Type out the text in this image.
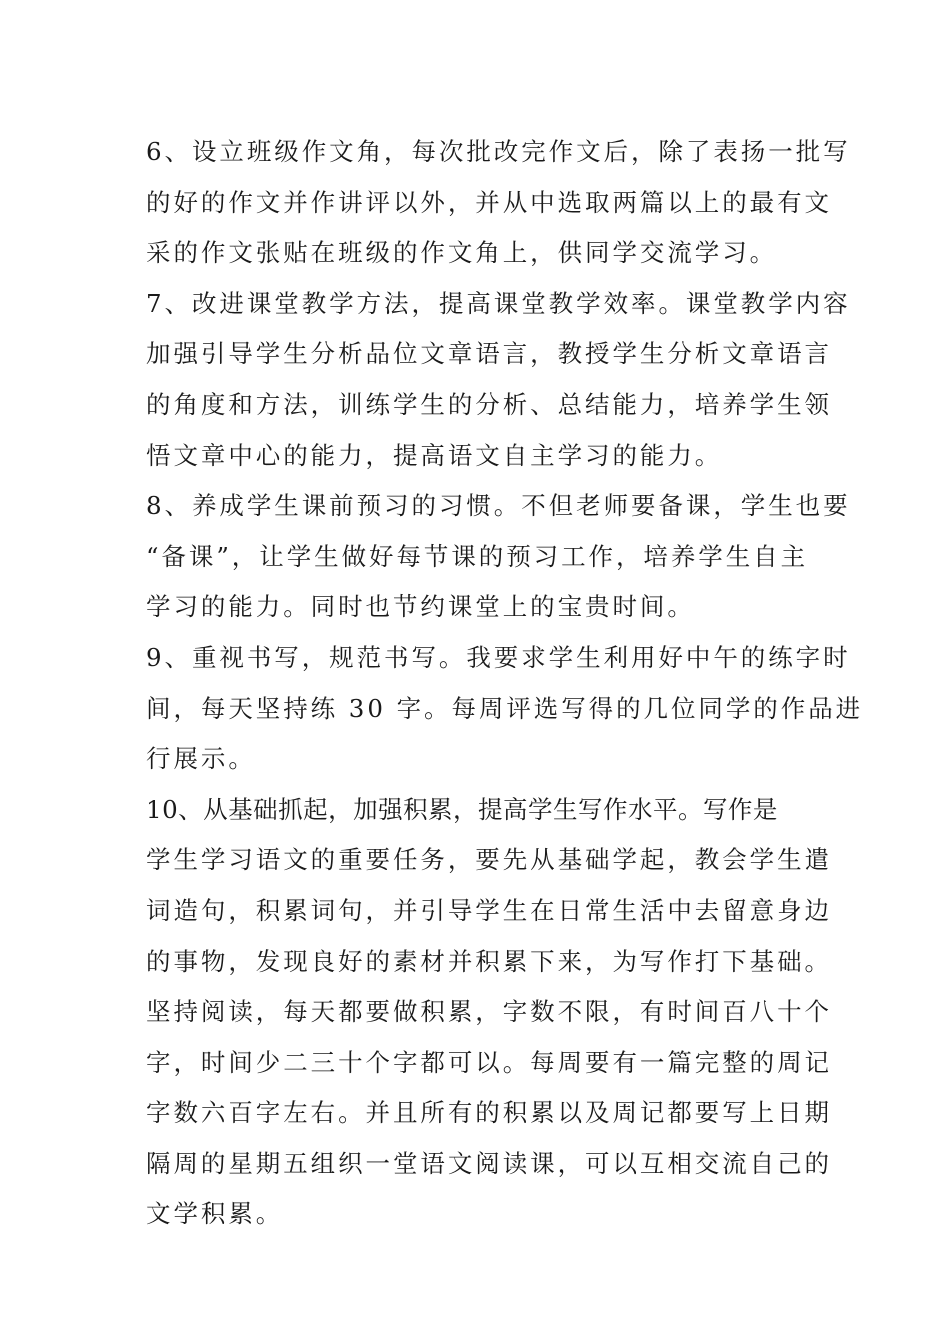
6、设立班级作文角，每次批改完作文后，除了表扬一批写
的好的作文并作讲评以外，并从中选取两篇以上的最有文
采的作文张贴在班级的作文角上，供同学交流学习。
7、改进课堂教学方法，提高课堂教学效率。课堂教学内容
加强引导学生分析品位文章语言，教授学生分析文章语言
的角度和方法，训练学生的分析、总结能力，培养学生领
悟文章中心的能力，提高语文自主学习的能力。
8、养成学生课前预习的习惯。不但老师要备课，学生也要
“备课”，让学生做好每节课的预习工作，培养学生自主
学习的能力。同时也节约课堂上的宝贵时间。
9、重视书写，规范书写。我要求学生利用好中午的练字时
间，每天坚持练 30 字。每周评选写得的几位同学的作品进
行展示。
10、从基础抓起，加强积累，提高学生写作水平。写作是
学生学习语文的重要任务，要先从基础学起，教会学生遣
词造句，积累词句，并引导学生在日常生活中去留意身边
的事物，发现良好的素材并积累下来，为写作打下基础。
坚持阅读，每天都要做积累，字数不限，有时间百八十个
字，时间少二三十个字都可以。每周要有一篇完整的周记
字数六百字左右。并且所有的积累以及周记都要写上日期
隔周的星期五组织一堂语文阅读课，可以互相交流自己的
文学积累。
